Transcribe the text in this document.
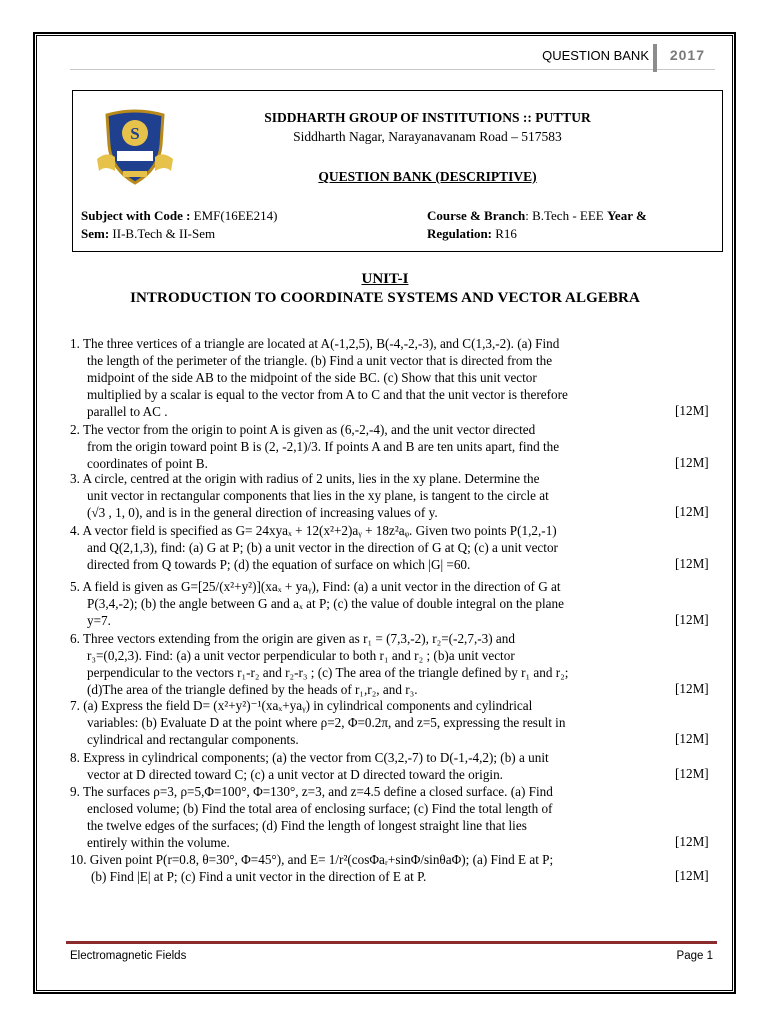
QUESTION BANK 2017
S
SIDDHARTH GROUP OF INSTITUTIONS :: PUTTUR
Siddharth Nagar, Narayanavanam Road – 517583
QUESTION BANK (DESCRIPTIVE)
Subject with Code : EMF(16EE214)	Course & Branch: B.Tech - EEE Year &
Sem: II-B.Tech & II-Sem	Regulation: R16
UNIT-I
INTRODUCTION TO COORDINATE SYSTEMS AND VECTOR ALGEBRA
1. The three vertices of a triangle are located at A(-1,2,5), B(-4,-2,-3), and C(1,3,-2). (a) Find
the length of the perimeter of the triangle. (b) Find a unit vector that is directed from the
midpoint of the side AB to the midpoint of the side BC. (c) Show that this unit vector
multiplied by a scalar is equal to the vector from A to C and that the unit vector is therefore
parallel to AC .	[12M]
2. The vector from the origin to point A is given as (6,-2,-4), and the unit vector directed
from the origin toward point B is (2, -2,1)/3. If points A and B are ten units apart, find the
coordinates of point B.	[12M]
3. A circle, centred at the origin with radius of 2 units, lies in the xy plane. Determine the
unit vector in rectangular components that lies in the xy plane, is tangent to the circle at
(√3 , 1, 0), and is in the general direction of increasing values of y.	[12M]
4. A vector field is specified as G= 24xyaₓ + 12(x²+2)aᵧ + 18z²aᵩ. Given two points P(1,2,-1)
and Q(2,1,3), find: (a) G at P; (b) a unit vector in the direction of G at Q; (c) a unit vector
directed from Q towards P; (d) the equation of surface on which |G| =60.	[12M]
5. A field is given as G=[25/(x²+y²)](xaₓ + yaᵧ), Find: (a) a unit vector in the direction of G at
P(3,4,-2); (b) the angle between G and aₓ at P; (c) the value of double integral on the plane
y=7.	[12M]
6. Three vectors extending from the origin are given as r₁ = (7,3,-2), r₂=(-2,7,-3) and
r₃=(0,2,3). Find: (a) a unit vector perpendicular to both r₁ and r₂ ; (b)a unit vector
perpendicular to the vectors r₁-r₂ and r₂-r₃ ; (c) The area of the triangle defined by r₁ and r₂;
(d)The area of the triangle defined by the heads of r₁,r₂, and r₃.	[12M]
7. (a) Express the field D= (x²+y²)⁻¹(xaₓ+yaᵧ) in cylindrical components and cylindrical
variables: (b) Evaluate D at the point where ρ=2, Φ=0.2π, and z=5, expressing the result in
cylindrical and rectangular components.	[12M]
8. Express in cylindrical components; (a) the vector from C(3,2,-7) to D(-1,-4,2); (b) a unit
vector at D directed toward C; (c) a unit vector at D directed toward the origin.	[12M]
9. The surfaces ρ=3, ρ=5,Φ=100°, Φ=130°, z=3, and z=4.5 define a closed surface. (a) Find
enclosed volume; (b) Find the total area of enclosing surface; (c) Find the total length of
the twelve edges of the surfaces; (d) Find the length of longest straight line that lies
entirely within the volume.	[12M]
10. Given point P(r=0.8, θ=30°, Φ=45°), and E= 1/r²(cosΦaᵣ+sinΦ/sinθaΦ); (a) Find E at P;
(b) Find |E| at P; (c) Find a unit vector in the direction of E at P.	[12M]
Electromagnetic Fields	Page 1
